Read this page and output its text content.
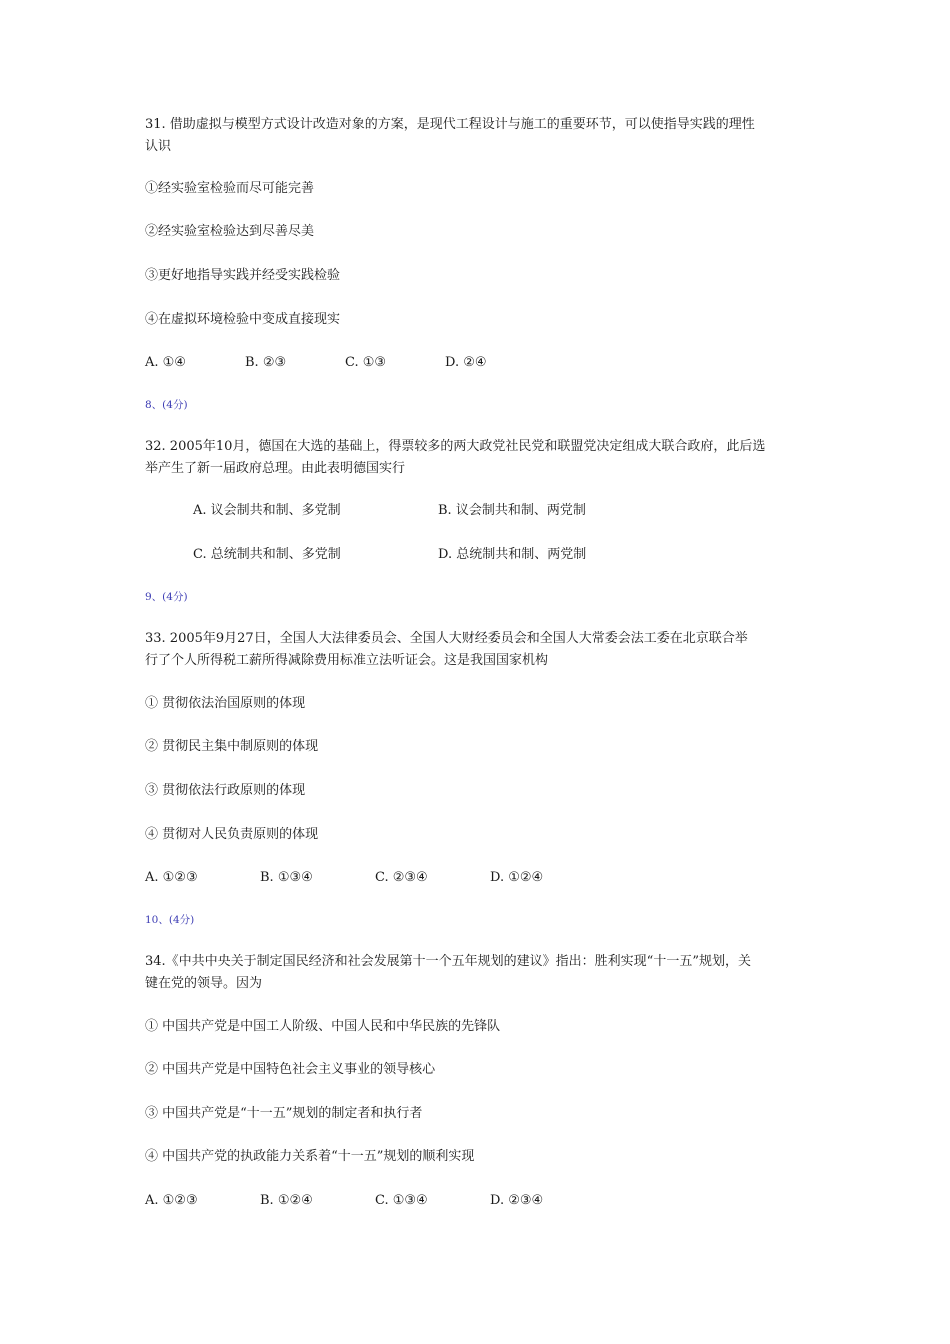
31. 借助虚拟与模型方式设计改造对象的方案，是现代工程设计与施工的重要环节，可以使指导实践的理性
认识
①经实验室检验而尽可能完善
②经实验室检验达到尽善尽美
③更好地指导实践并经受实践检验
④在虚拟环境检验中变成直接现实
A. ①④	B. ②③	C. ①③	D. ②④
8、(4分)
32. 2005年10月，德国在大选的基础上，得票较多的两大政党社民党和联盟党决定组成大联合政府，此后选
举产生了新一届政府总理。由此表明德国实行
A. 议会制共和制、多党制	B. 议会制共和制、两党制
C. 总统制共和制、多党制	D. 总统制共和制、两党制
9、(4分)
33. 2005年9月27日，全国人大法律委员会、全国人大财经委员会和全国人大常委会法工委在北京联合举
行了个人所得税工薪所得减除费用标准立法听证会。这是我国国家机构
① 贯彻依法治国原则的体现
② 贯彻民主集中制原则的体现
③ 贯彻依法行政原则的体现
④ 贯彻对人民负责原则的体现
A. ①②③	B. ①③④	C. ②③④	D. ①②④
10、(4分)
34.《中共中央关于制定国民经济和社会发展第十一个五年规划的建议》指出：胜利实现“十一五”规划，关
键在党的领导。因为
① 中国共产党是中国工人阶级、中国人民和中华民族的先锋队
② 中国共产党是中国特色社会主义事业的领导核心
③ 中国共产党是“十一五”规划的制定者和执行者
④ 中国共产党的执政能力关系着“十一五”规划的顺利实现
A. ①②③	B. ①②④	C. ①③④	D. ②③④
